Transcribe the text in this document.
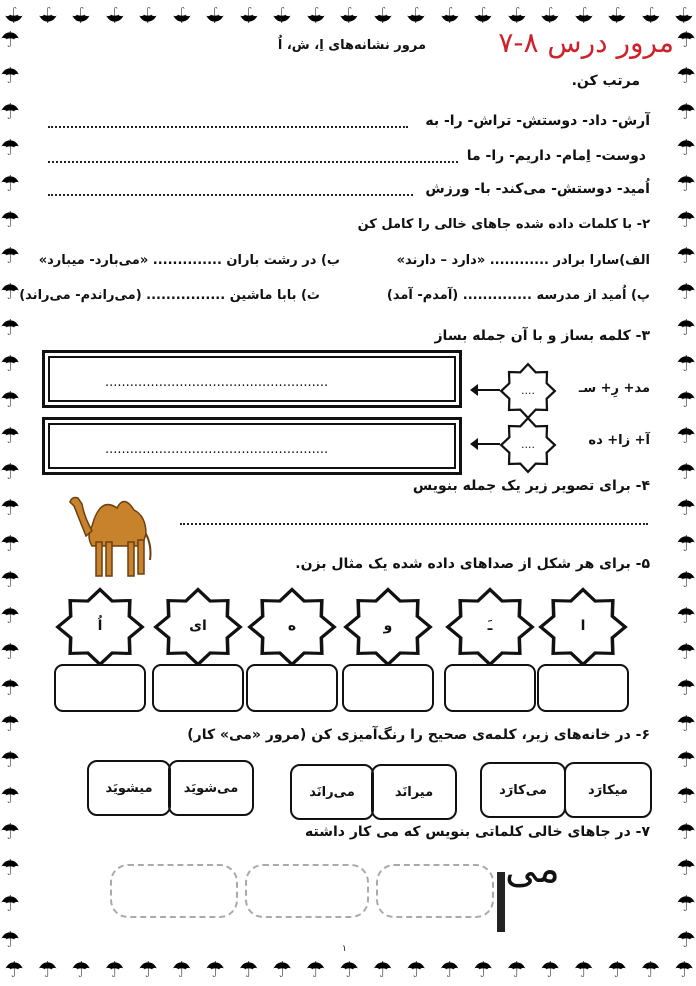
☂
☂
☂
☂
☂
☂
☂
☂
☂
☂
☂
☂
☂
☂
☂
☂
☂
☂
☂
☂
☂
☂
☂
☂
☂
☂
☂
☂
☂
☂
☂
☂
☂
☂
☂
☂
☂
☂
☂
☂
☂
☂
☂	☂
☂	☂
☂	☂
☂	☂
☂	☂
☂	☂
☂	☂
☂	☂
☂	☂
☂	☂
☂	☂
☂	☂
☂	☂
☂	☂
☂	☂
☂	☂
☂	☂
☂	☂
☂	☂
☂	☂
☂	☂
☂	☂
☂	☂
☂	☂
☂	☂
☂	☂
مرور درس ۸-۷
مرور نشانه‌های اِ، ش، اُ
مرتب کن.
آرش- داد- دوستش- تراش- را- به
دوست- اِمام- داریم- را- ما
اُمید- دوستش- می‌کند- با- ورزش
۲- با کلمات داده شده جاهای خالی را کامل کن
الف)سارا برادر ............ «دارد – دارند»
ب) در رشت باران .............. «می‌بارد- میبارد»
پ) اُمید از مدرسه .............. (آمدم- آمد)
ث) بابا ماشین ................ (می‌راندم- می‌راند)
۳- کلمه بساز و با آن جمله بساز
......................................................
....	مد+ رِ+ سـ
......................................................	....	آ+ زا+ ده
۴- برای تصویر زیر یک جمله بنویس
۵- برای هر شکل از صداهای داده شده یک مثال بزن.
ا
ـَ
و
ه
ای
اُ
۶- در خانه‌های زیر، کلمه‌ی صحیح را رنگ‌آمیزی کن (مرور «می» کار)
میکارَد
می‌کارَد
میرانَد
می‌رانَد
می‌شویَد
میشویَد
۷- در جاهای خالی کلماتی بنویس که می کار داشته
می
۱
